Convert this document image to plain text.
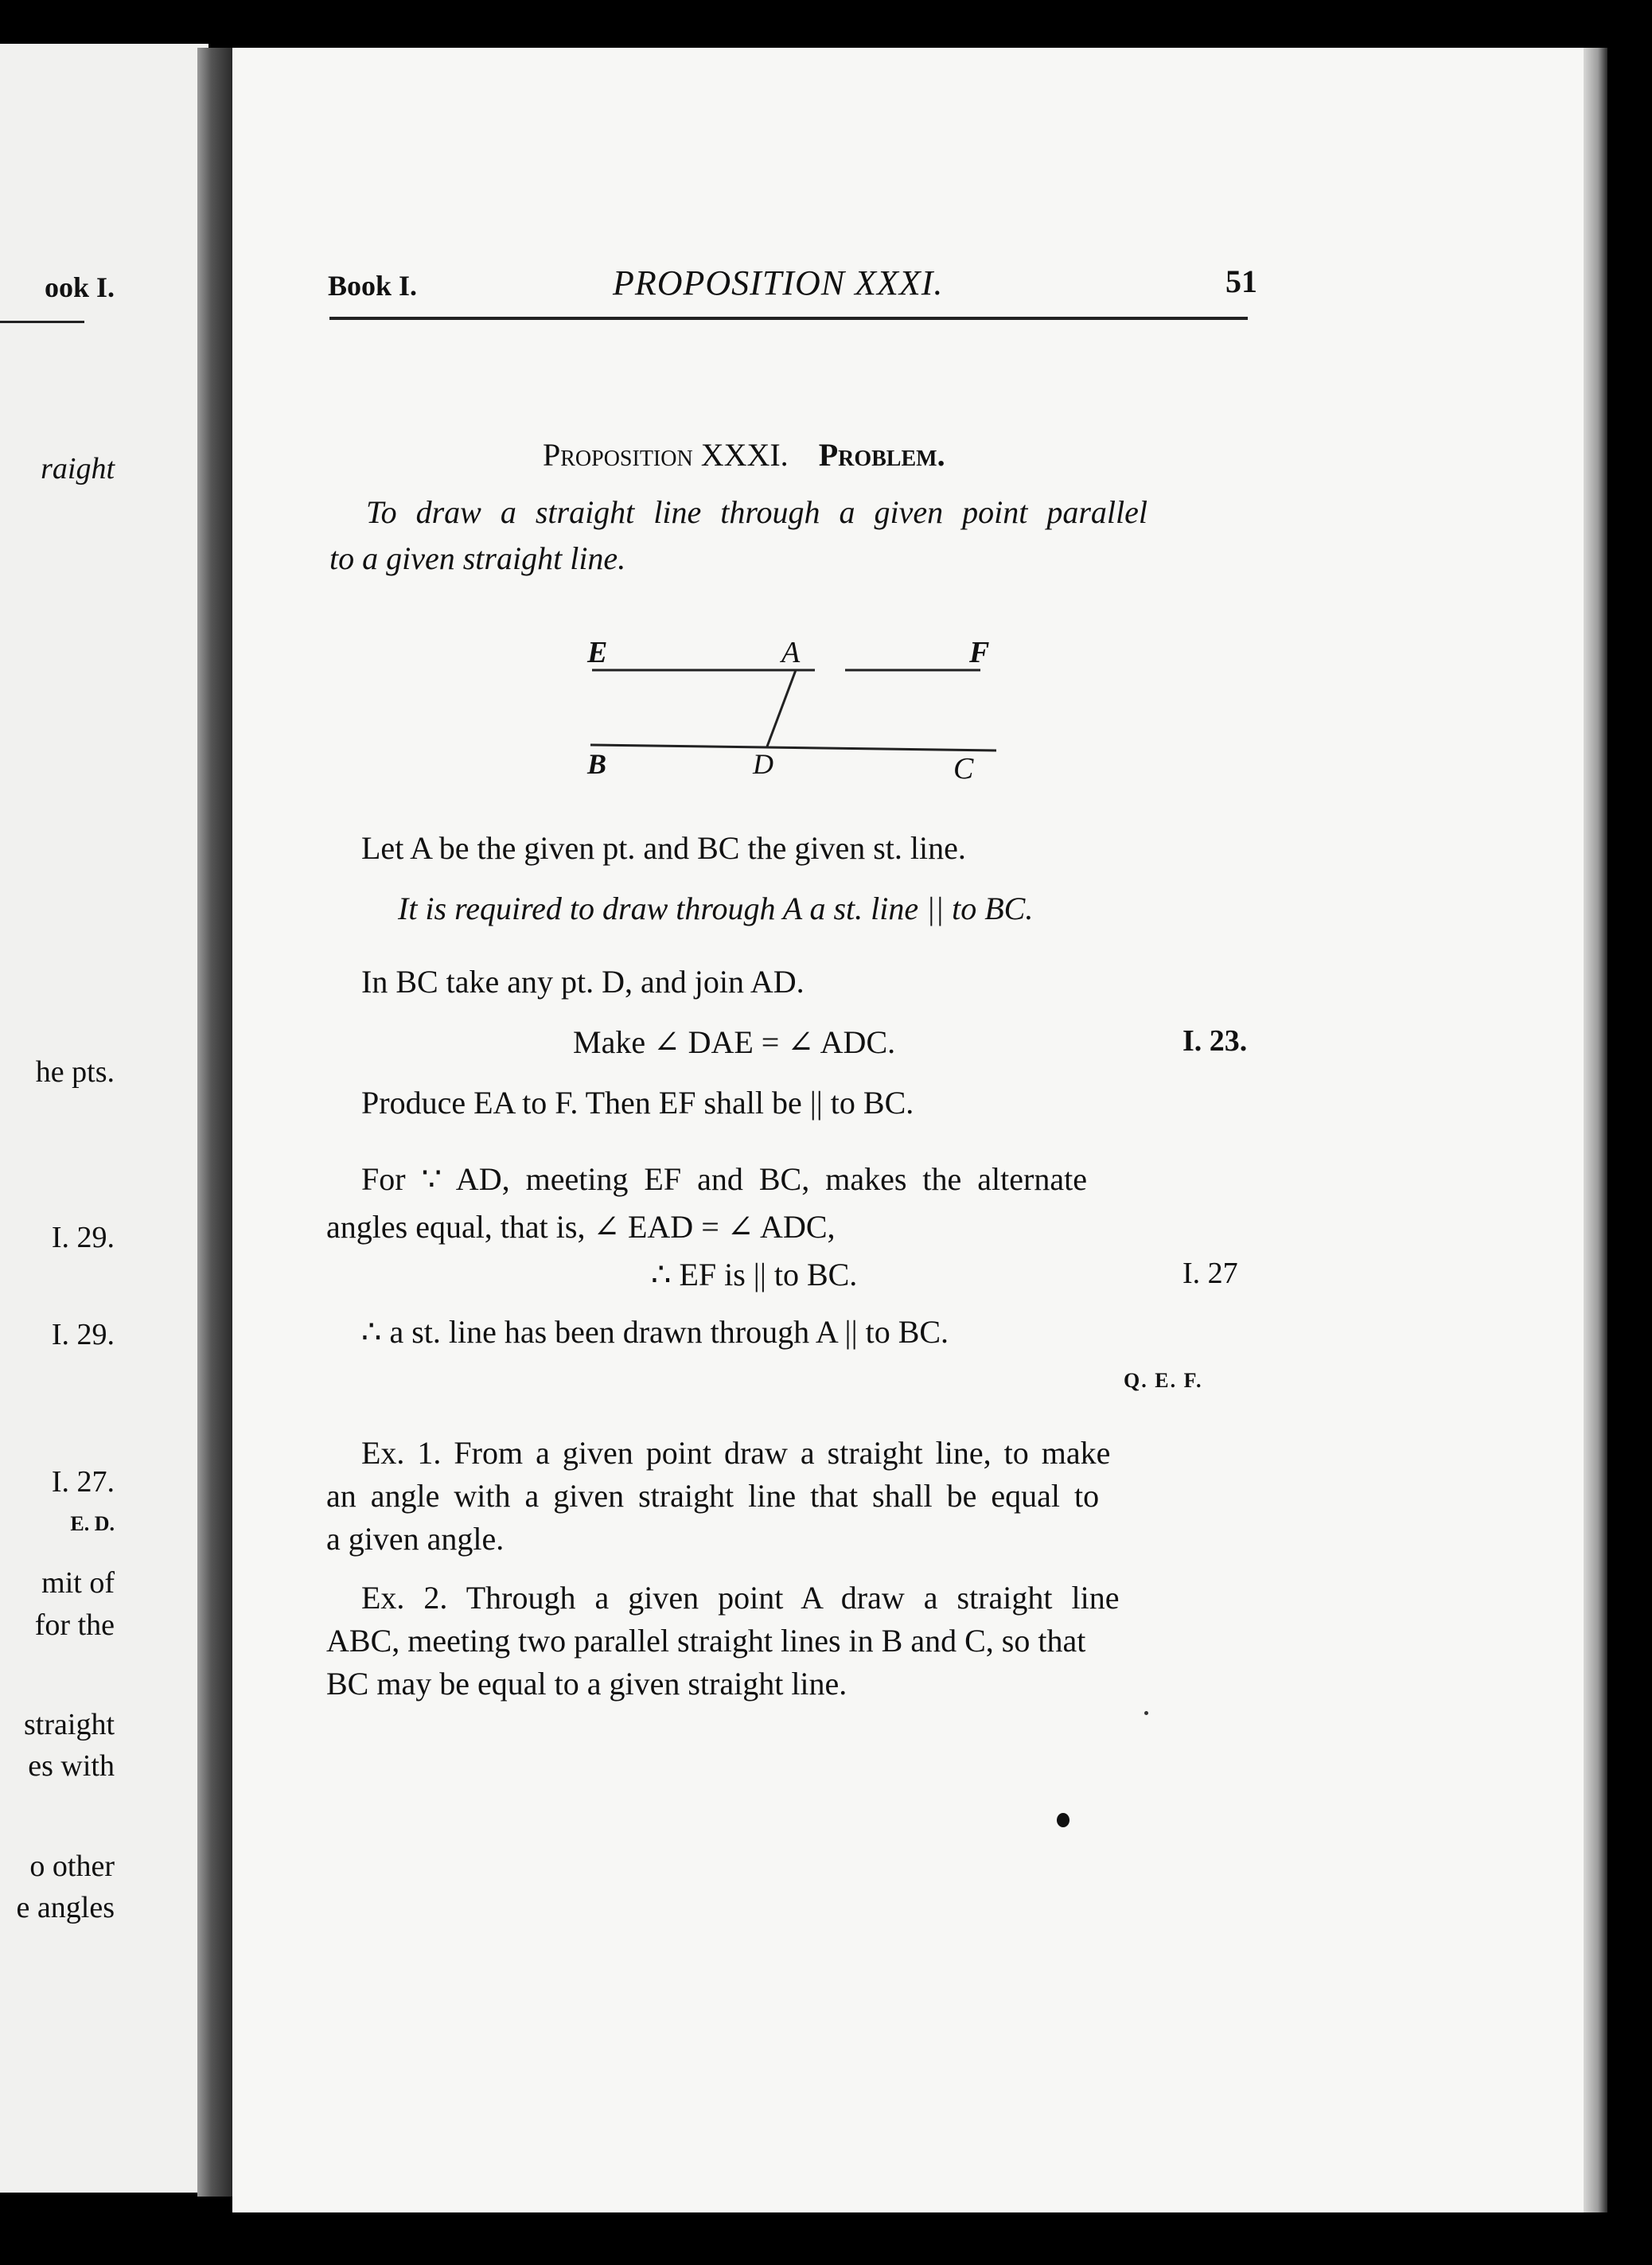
ook I.
raight
he pts.
I. 29.
I. 29.
I. 27.
E. D.
mit of
for the
straight
es with
o other
e angles
Book I.	PROPOSITION XXXI.	51
Proposition XXXI. Problem.
To draw a straight line through a given point parallel
to a given straight line.
E	A	F
B	D	C
Let A be the given pt. and BC the given st. line.
It is required to draw through A a st. line || to BC.
In BC take any pt. D, and join AD.
Make ∠ DAE = ∠ ADC.	I. 23.
Produce EA to F. Then EF shall be || to BC.
For ∵ AD, meeting EF and BC, makes the alternate
angles equal, that is, ∠ EAD = ∠ ADC,
∴ EF is || to BC.	I. 27
∴ a st. line has been drawn through A || to BC.
Q. E. F.
Ex. 1. From a given point draw a straight line, to make
an angle with a given straight line that shall be equal to
a given angle.
Ex. 2. Through a given point A draw a straight line
ABC, meeting two parallel straight lines in B and C, so that
BC may be equal to a given straight line.
